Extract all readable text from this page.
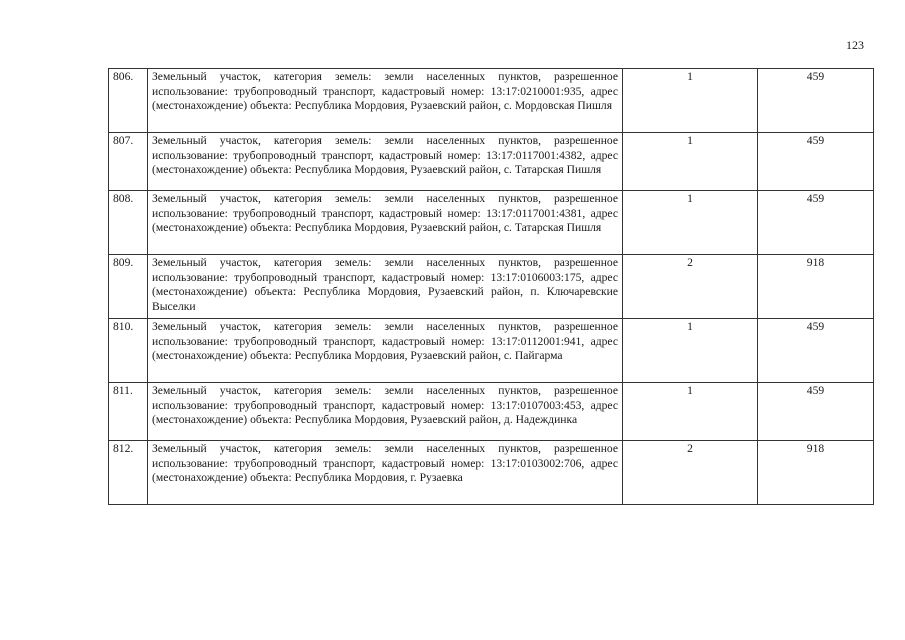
123
806.	Земельный участок, категория земель: земли населенных пунктов, разрешенное использование: трубопроводный транспорт, кадастровый номер: 13:17:0210001:935, адрес (местонахождение) объекта: Республика Мордовия, Рузаевский район, с. Мордовская Пишля	1	459
807.	Земельный участок, категория земель: земли населенных пунктов, разрешенное использование: трубопроводный транспорт, кадастровый номер: 13:17:0117001:4382, адрес (местонахождение) объекта: Республика Мордовия, Рузаевский район, с. Татарская Пишля	1	459
808.	Земельный участок, категория земель: земли населенных пунктов, разрешенное использование: трубопроводный транспорт, кадастровый номер: 13:17:0117001:4381, адрес (местонахождение) объекта: Республика Мордовия, Рузаевский район, с. Татарская Пишля	1	459
809.	Земельный участок, категория земель: земли населенных пунктов, разрешенное использование: трубопроводный транспорт, кадастровый номер: 13:17:0106003:175, адрес (местонахождение) объекта: Республика Мордовия, Рузаевский район, п. Ключаревские Выселки	2	918
810.	Земельный участок, категория земель: земли населенных пунктов, разрешенное использование: трубопроводный транспорт, кадастровый номер: 13:17:0112001:941, адрес (местонахождение) объекта: Республика Мордовия, Рузаевский район, с. Пайгарма	1	459
811.	Земельный участок, категория земель: земли населенных пунктов, разрешенное использование: трубопроводный транспорт, кадастровый номер: 13:17:0107003:453, адрес (местонахождение) объекта: Республика Мордовия, Рузаевский район, д. Надеждинка	1	459
812.	Земельный участок, категория земель: земли населенных пунктов, разрешенное использование: трубопроводный транспорт, кадастровый номер: 13:17:0103002:706, адрес (местонахождение) объекта: Республика Мордовия, г. Рузаевка	2	918
